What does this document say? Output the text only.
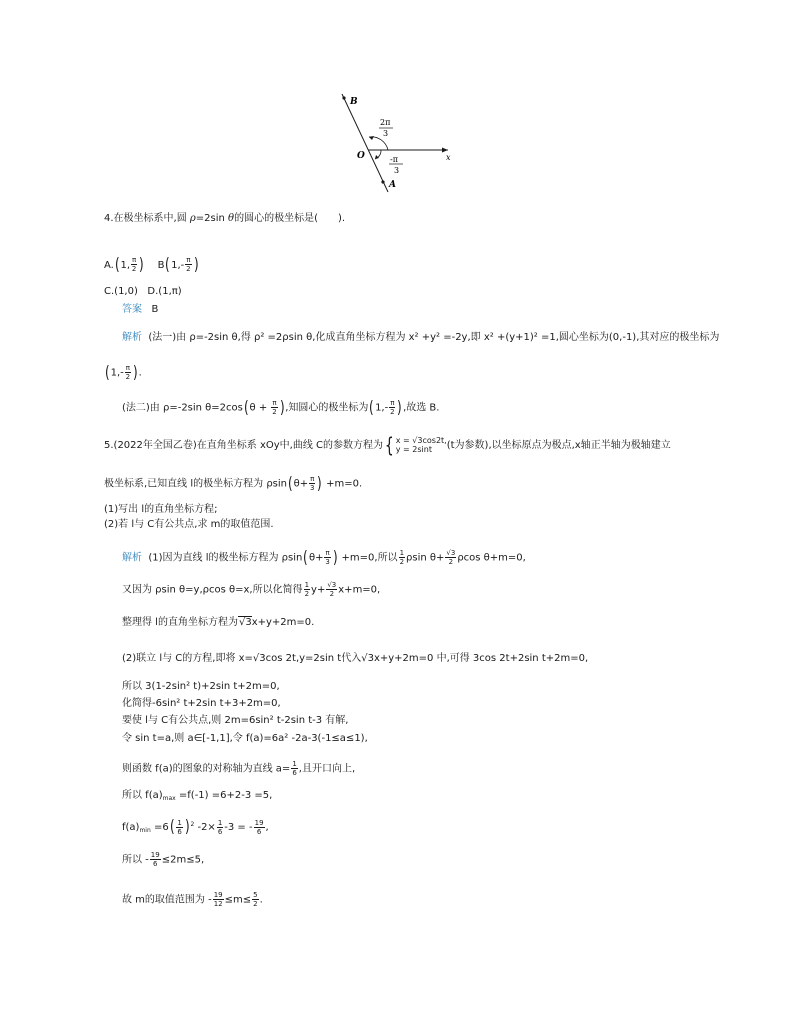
B
O	x
A
2π
3
-π
3
4.在极坐标系中,圆 ρ=2sin θ的圆心的极坐标是(　　).
A.(1, $\frac{\pi}{2}$ ) $B(1,- \frac{\pi}{2}$ )
C.(1,0) D.(1,π)
答案 B
解析 (法一)由 ρ=-2sin θ,得 ρ² =2ρsin θ,化成直角坐标方程为 x² +y² =-2y,即 x² +(y+1)² =1,圆心坐标为(0,-1),其对应的极坐标为
($1,- \frac{\pi}{2}$ ).
(法二)由 ρ=-2sin $\theta=2\cos(\theta + \frac{\pi}{2}$ ),知圆心的极坐标为($1,- \frac{\pi}{2}$ ),故选 B.
5.(2022年全国乙卷)在直角坐标系 xOy中,曲线 C的参数方程为{ x = √3cos2t,
y = 2sint	(t为参数),以坐标原点为极点,x轴正半轴为极轴建立
极坐标系,已知直线 l的极坐标方程为 $\rho\sin(\theta+ \frac{\pi}{3}$ ) +m=0.
(1)写出 l的直角坐标方程;
(2)若 l与 C有公共点,求 m的取值范围.
解析 (1)因为直线 l的极坐标方程为 $\rho\sin(\theta+ \frac{\pi}{3}$ ) +m=0,所以 $\frac{1}{2}$ ρsin $\theta+ \frac{√3}{2}$ ρcos θ+m=0,
又因为 ρsin θ=y,ρcos θ=x,所以化简得 $\frac{1}{2} y+ \frac{√3}{2} x+m=0$,
整理得 l的直角坐标方程为√3x+y+2m=0.
(2)联立 l与 C的方程,即将 x=√3cos 2t,y=2sin t代入√3x+y+2m=0 中,可得 3cos 2t+2sin t+2m=0,
所以 3(1-2sin² t)+2sin t+2m=0,
化简得-6sin² t+2sin t+3+2m=0,
要使 l与 C有公共点,则 2m=6sin² t-2sin t-3 有解,
令 sin t=a,则 a∈[-1,1],令 f(a)=6a² -2a-3(-1≤a≤1),
则函数 f(a)的图象的对称轴为直线 $a= \frac{1}{6}$ ,且开口向上,
所以 $f(a)_{max} =f(-1) =6+2-3 =5$,
$f(a)_{min} =6( \frac{1}{6} )^2$ $-2\times \frac{1}{6} -3$ = - $\frac{19}{6}$ ,
所以 - $\frac{19}{6} \le 2m\le 5$,
故 m的取值范围为 - $\frac{19}{12} \le m\le \frac{5}{2}$ .
